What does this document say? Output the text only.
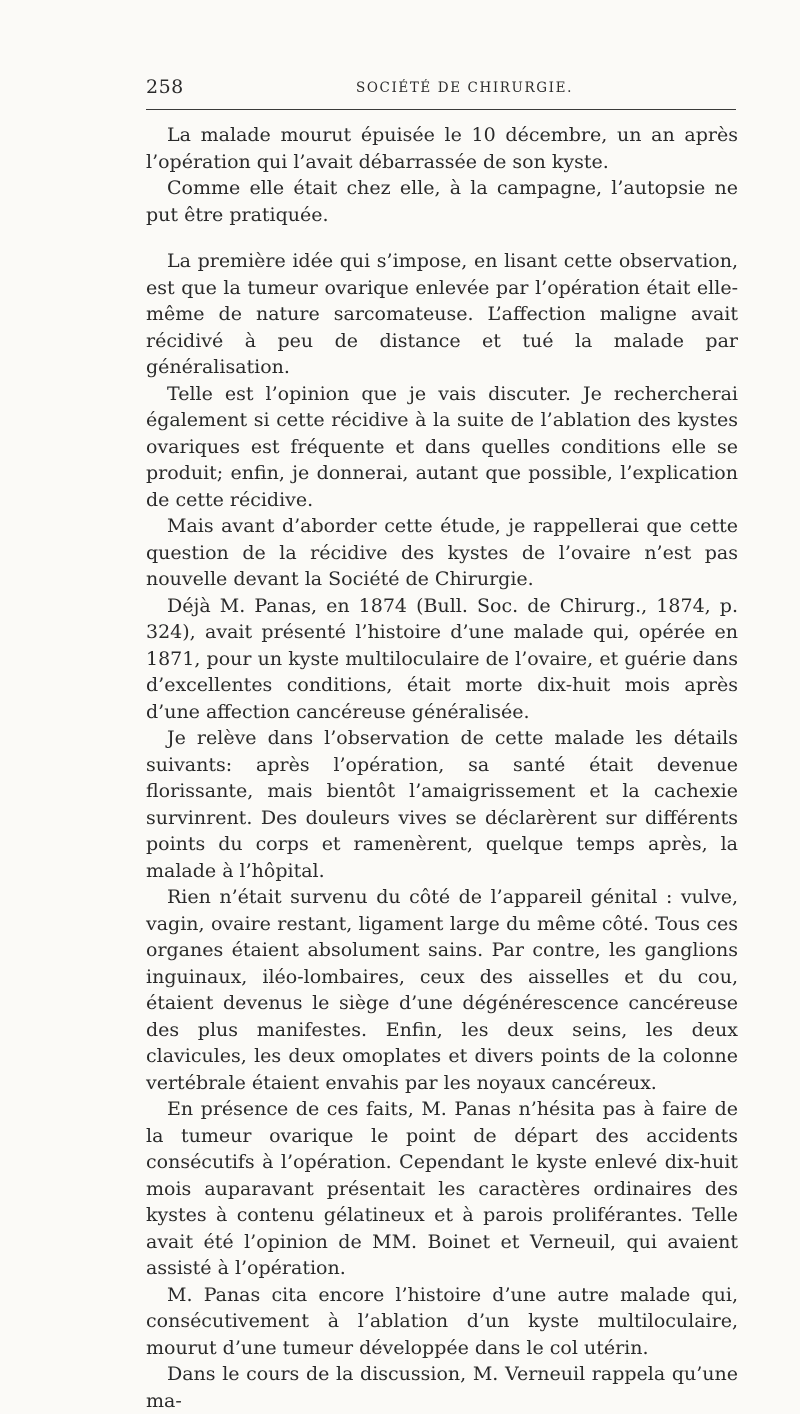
258	SOCIÉTÉ DE CHIRURGIE.

La malade mourut épuisée le 10 décembre, un an après l’opération qui l’avait débarrassée de son kyste.

Comme elle était chez elle, à la campagne, l’autopsie ne put être pratiquée.

La première idée qui s’impose, en lisant cette observation, est que la tumeur ovarique enlevée par l’opération était elle-même de nature sarcomateuse. L’affection maligne avait récidivé à peu de distance et tué la malade par généralisation.

Telle est l’opinion que je vais discuter. Je rechercherai également si cette récidive à la suite de l’ablation des kystes ovariques est fréquente et dans quelles conditions elle se produit; enfin, je donnerai, autant que possible, l’explication de cette récidive.

Mais avant d’aborder cette étude, je rappellerai que cette question de la récidive des kystes de l’ovaire n’est pas nouvelle devant la Société de Chirurgie.

Déjà M. Panas, en 1874 (Bull. Soc. de Chirurg., 1874, p. 324), avait présenté l’histoire d’une malade qui, opérée en 1871, pour un kyste multiloculaire de l’ovaire, et guérie dans d’excellentes conditions, était morte dix-huit mois après d’une affection cancéreuse généralisée.

Je relève dans l’observation de cette malade les détails suivants: après l’opération, sa santé était devenue florissante, mais bientôt l’amaigrissement et la cachexie survinrent. Des douleurs vives se déclarèrent sur différents points du corps et ramenèrent, quelque temps après, la malade à l’hôpital.

Rien n’était survenu du côté de l’appareil génital : vulve, vagin, ovaire restant, ligament large du même côté. Tous ces organes étaient absolument sains. Par contre, les ganglions inguinaux, iléo-lombaires, ceux des aisselles et du cou, étaient devenus le siège d’une dégénérescence cancéreuse des plus manifestes. Enfin, les deux seins, les deux clavicules, les deux omoplates et divers points de la colonne vertébrale étaient envahis par les noyaux cancéreux.

En présence de ces faits, M. Panas n’hésita pas à faire de la tumeur ovarique le point de départ des accidents consécutifs à l’opération. Cependant le kyste enlevé dix-huit mois auparavant présentait les caractères ordinaires des kystes à contenu gélatineux et à parois proliférantes. Telle avait été l’opinion de MM. Boinet et Verneuil, qui avaient assisté à l’opération.

M. Panas cita encore l’histoire d’une autre malade qui, consécutivement à l’ablation d’un kyste multiloculaire, mourut d’une tumeur développée dans le col utérin.

Dans le cours de la discussion, M. Verneuil rappela qu’une ma-
